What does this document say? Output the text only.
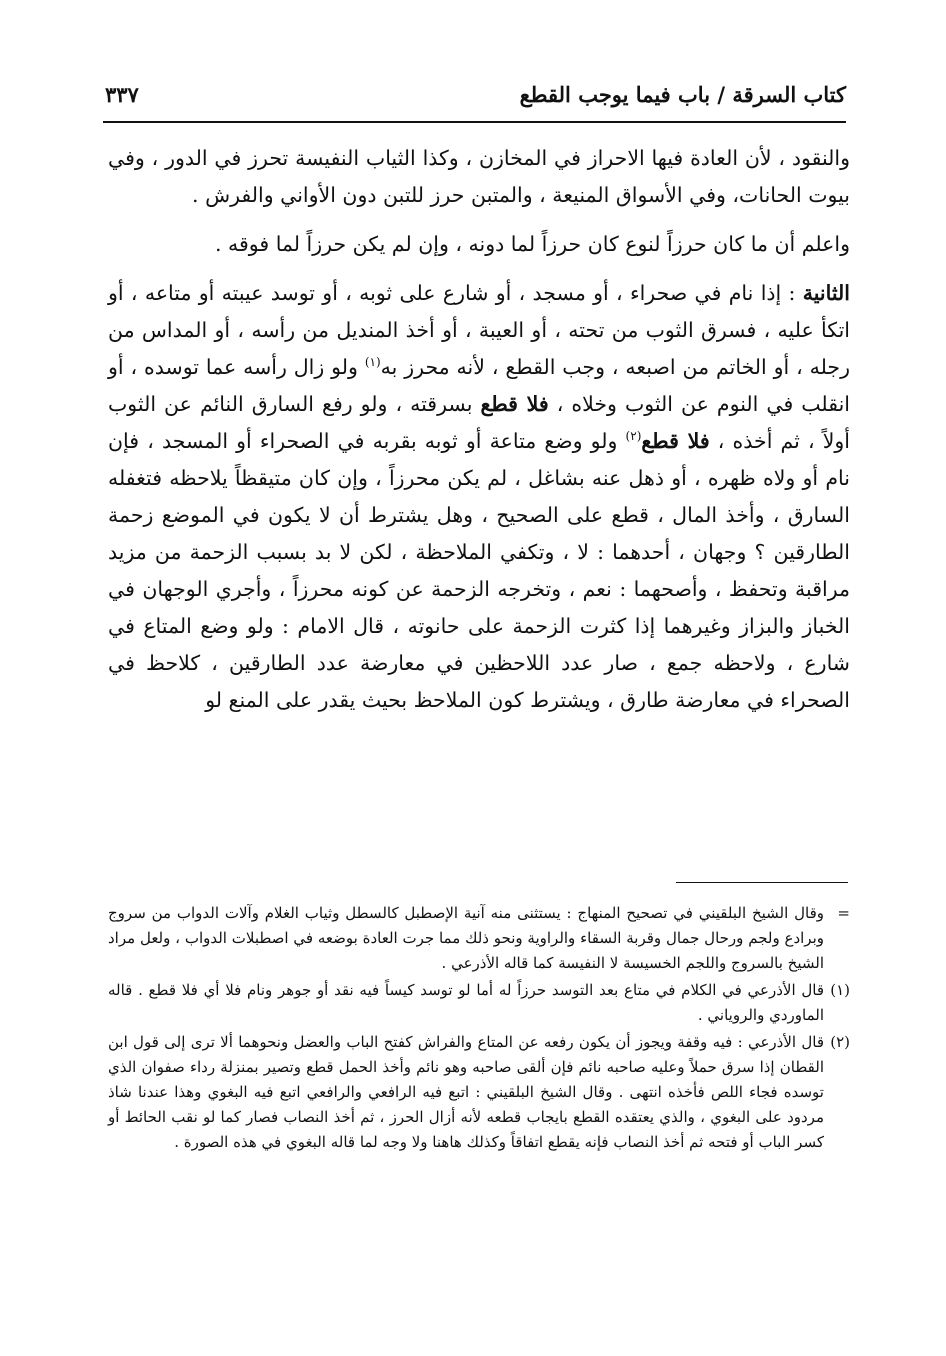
كتاب السرقة / باب فيما يوجب القطع
٣٣٧

والنقود ، لأن العادة فيها الاحراز في المخازن ، وكذا الثياب النفيسة تحرز في الدور ، وفي بيوت الحانات، وفي الأسواق المنيعة ، والمتبن حرز للتبن دون الأواني والفرش .

واعلم أن ما كان حرزاً لنوع كان حرزاً لما دونه ، وإن لم يكن حرزاً لما فوقه .

الثانية : إذا نام في صحراء ، أو مسجد ، أو شارع على ثوبه ، أو توسد عيبته أو متاعه ، أو اتكأ عليه ، فسرق الثوب من تحته ، أو العيبة ، أو أخذ المنديل من رأسه ، أو المداس من رجله ، أو الخاتم من اصبعه ، وجب القطع ، لأنه محرز به$^{(١)}$ ولو زال رأسه عما توسده ، أو انقلب في النوم عن الثوب وخلاه ، فلا قطع بسرقته ، ولو رفع السارق النائم عن الثوب أولاً ، ثم أخذه ، فلا قطع$^{(٢)}$ ولو وضع متاعة أو ثوبه بقربه في الصحراء أو المسجد ، فإن نام أو ولاه ظهره ، أو ذهل عنه بشاغل ، لم يكن محرزاً ، وإن كان متيقظاً يلاحظه فتغفله السارق ، وأخذ المال ، قطع على الصحيح ، وهل يشترط أن لا يكون في الموضع زحمة الطارقين ؟ وجهان ، أحدهما : لا ، وتكفي الملاحظة ، لكن لا بد بسبب الزحمة من مزيد مراقبة وتحفظ ، وأصحهما : نعم ، وتخرجه الزحمة عن كونه محرزاً ، وأجري الوجهان في الخباز والبزاز وغيرهما إذا كثرت الزحمة على حانوته ، قال الامام : ولو وضع المتاع في شارع ، ولاحظه جمع ، صار عدد اللاحظين في معارضة عدد الطارقين ، كلاحظ في الصحراء في معارضة طارق ، ويشترط كون الملاحظ بحيث يقدر على المنع لو

=
وقال الشيخ البلقيني في تصحيح المنهاج : يستثنى منه آنية الإصطبل كالسطل وثياب الغلام وآلات الدواب من سروج وبرادع ولجم ورحال جمال وقربة السقاء والراوية ونحو ذلك مما جرت العادة بوضعه في اصطبلات الدواب ، ولعل مراد الشيخ بالسروج واللجم الخسيسة لا النفيسة كما قاله الأذرعي .
(١)
قال الأذرعي في الكلام في متاع بعد التوسد حرزاً له أما لو توسد كيساً فيه نقد أو جوهر ونام فلا أي فلا قطع . قاله الماوردي والروياني .
(٢)
قال الأذرعي : فيه وقفة ويجوز أن يكون رفعه عن المتاع والفراش كفتح الباب والعضل ونحوهما ألا ترى إلى قول ابن القطان إذا سرق حملاً وعليه صاحبه نائم فإن ألقى صاحبه وهو نائم وأخذ الحمل قطع وتصير بمنزلة رداء صفوان الذي توسده فجاء اللص فأخذه انتهى . وقال الشيخ البلقيني : اتبع فيه الرافعي والرافعي اتبع فيه البغوي وهذا عندنا شاذ مردود على البغوي ، والذي يعتقده القطع بايجاب قطعه لأنه أزال الحرز ، ثم أخذ النصاب فصار كما لو نقب الحائط أو كسر الباب أو فتحه ثم أخذ النصاب فإنه يقطع اتفاقاً وكذلك هاهنا ولا وجه لما قاله البغوي في هذه الصورة .
